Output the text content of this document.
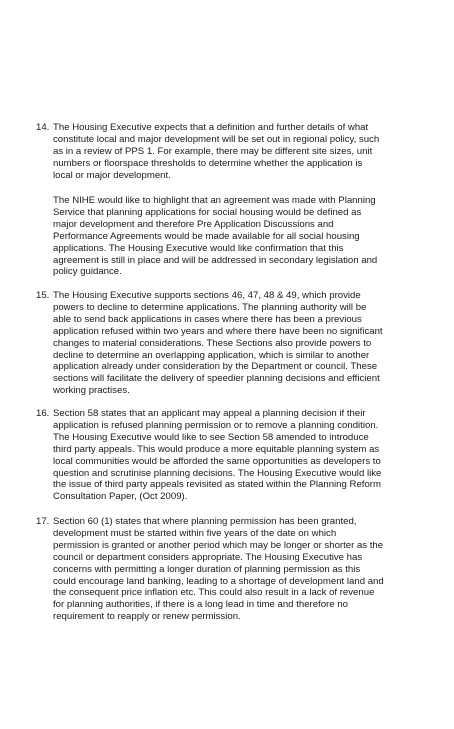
14. The Housing Executive expects that a definition and further details of what
constitute local and major development will be set out in regional policy, such
as in a review of PPS 1. For example, there may be different site sizes, unit
numbers or floorspace thresholds to determine whether the application is
local or major development.
The NIHE would like to highlight that an agreement was made with Planning
Service that planning applications for social housing would be defined as
major development and therefore Pre Application Discussions and
Performance Agreements would be made available for all social housing
applications. The Housing Executive would like confirmation that this
agreement is still in place and will be addressed in secondary legislation and
policy guidance.
15. The Housing Executive supports sections 46, 47, 48 & 49, which provide
powers to decline to determine applications. The planning authority will be
able to send back applications in cases where there has been a previous
application refused within two years and where there have been no significant
changes to material considerations. These Sections also provide powers to
decline to determine an overlapping application, which is similar to another
application already under consideration by the Department or council. These
sections will facilitate the delivery of speedier planning decisions and efficient
working practises.
16. Section 58 states that an applicant may appeal a planning decision if their
application is refused planning permission or to remove a planning condition.
The Housing Executive would like to see Section 58 amended to introduce
third party appeals. This would produce a more equitable planning system as
local communities would be afforded the same opportunities as developers to
question and scrutinise planning decisions. The Housing Executive would like
the issue of third party appeals revisited as stated within the Planning Reform
Consultation Paper, (Oct 2009).
17. Section 60 (1) states that where planning permission has been granted,
development must be started within five years of the date on which
permission is granted or another period which may be longer or shorter as the
council or department considers appropriate. The Housing Executive has
concerns with permitting a longer duration of planning permission as this
could encourage land banking, leading to a shortage of development land and
the consequent price inflation etc. This could also result in a lack of revenue
for planning authorities, if there is a long lead in time and therefore no
requirement to reapply or renew permission.
